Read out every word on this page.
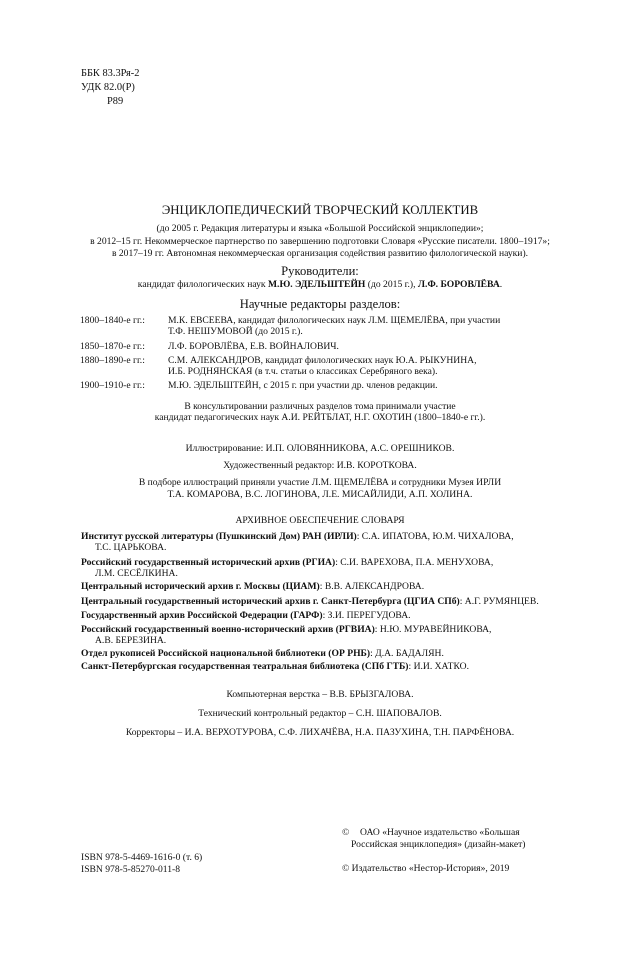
ББК 83.3Ря-2
УДК 82.0(Р)
Р89
ЭНЦИКЛОПЕДИЧЕСКИЙ ТВОРЧЕСКИЙ КОЛЛЕКТИВ
(до 2005 г. Редакция литературы и языка «Большой Российской энциклопедии»;
в 2012–15 гг. Некоммерческое партнерство по завершению подготовки Словаря «Русские писатели. 1800–1917»;
в 2017–19 гг. Автономная некоммерческая организация содействия развитию филологической науки).
Руководители:
кандидат филологических наук М.Ю. ЭДЕЛЬШТЕЙН (до 2015 г.), Л.Ф. БОРОВЛЁВА.
Научные редакторы разделов:
1800–1840-е гг.:	М.К. ЕВСЕЕВА, кандидат филологических наук Л.М. ЩЕМЕЛЁВА, при участии
Т.Ф. НЕШУМОВОЙ (до 2015 г.).
1850–1870-е гг.:	Л.Ф. БОРОВЛЁВА, Е.В. ВОЙНАЛОВИЧ.
1880–1890-е гг.:	С.М. АЛЕКСАНДРОВ, кандидат филологических наук Ю.А. РЫКУНИНА,
И.Б. РОДНЯНСКАЯ (в т.ч. статьи о классиках Серебряного века).
1900–1910-е гг.:	М.Ю. ЭДЕЛЬШТЕЙН, с 2015 г. при участии др. членов редакции.
В консультировании различных разделов тома принимали участие
кандидат педагогических наук А.И. РЕЙТБЛАТ, Н.Г. ОХОТИН (1800–1840-е гг.).
Иллюстрирование: И.П. ОЛОВЯННИКОВА, А.С. ОРЕШНИКОВ.
Художественный редактор: И.В. КОРОТКОВА.
В подборе иллюстраций приняли участие Л.М. ЩЕМЕЛЁВА и сотрудники Музея ИРЛИ
Т.А. КОМАРОВА, В.С. ЛОГИНОВА, Л.Е. МИСАЙЛИДИ, А.П. ХОЛИНА.
АРХИВНОЕ ОБЕСПЕЧЕНИЕ СЛОВАРЯ
Институт русской литературы (Пушкинский Дом) РАН (ИРЛИ): С.А. ИПАТОВА, Ю.М. ЧИХАЛОВА,
Т.С. ЦАРЬКОВА.
Российский государственный исторический архив (РГИА): С.И. ВАРЕХОВА, П.А. МЕНУХОВА,
Л.М. СЕСЁЛКИНА.
Центральный исторический архив г. Москвы (ЦИАМ): В.В. АЛЕКСАНДРОВА.
Центральный государственный исторический архив г. Санкт-Петербурга (ЦГИА СПб): А.Г. РУМЯНЦЕВ.
Государственный архив Российской Федерации (ГАРФ): З.И. ПЕРЕГУДОВА.
Российский государственный военно-исторический архив (РГВИА): Н.Ю. МУРАВЕЙНИКОВА,
А.В. БЕРЕЗИНА.
Отдел рукописей Российской национальной библиотеки (ОР РНБ): Д.А. БАДАЛЯН.
Санкт-Петербургская государственная театральная библиотека (СПб ГТБ): И.И. ХАТКО.
Компьютерная верстка – В.В. БРЫЗГАЛОВА.
Технический контрольный редактор – С.Н. ШАПОВАЛОВ.
Корректоры – И.А. ВЕРХОТУРОВА, С.Ф. ЛИХАЧЁВА, Н.А. ПАЗУХИНА, Т.Н. ПАРФЁНОВА.
ISBN 978-5-4469-1616-0 (т. 6)
ISBN 978-5-85270-011-8
© ОАО «Научное издательство «Большая
Российская энциклопедия» (дизайн-макет)
© Издательство «Нестор-История», 2019
